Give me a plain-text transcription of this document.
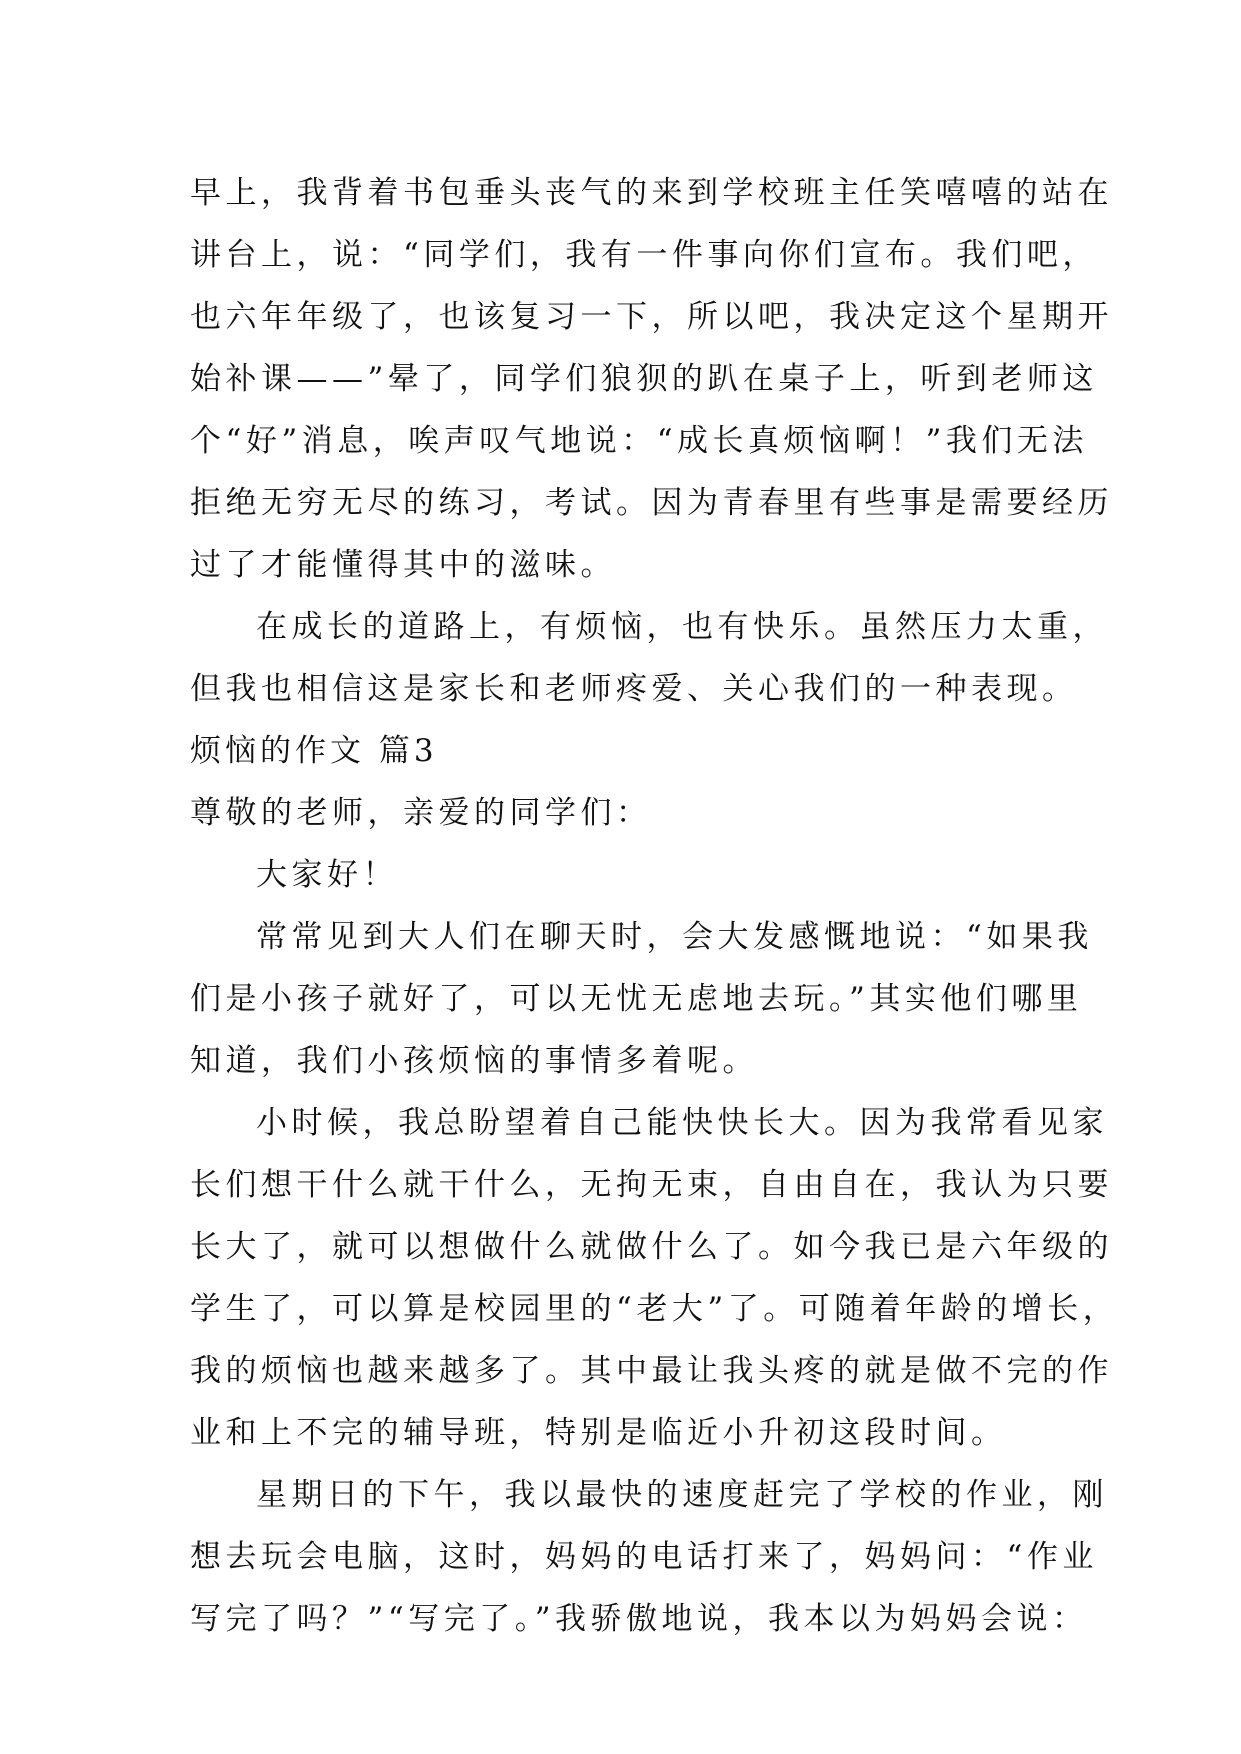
早上，我背着书包垂头丧气的来到学校班主任笑嘻嘻的站在
讲台上，说：“同学们，我有一件事向你们宣布。我们吧，
也六年年级了，也该复习一下，所以吧，我决定这个星期开
始补课——”晕了，同学们狼狈的趴在桌子上，听到老师这
个“好”消息，唉声叹气地说：“成长真烦恼啊！”我们无法
拒绝无穷无尽的练习，考试。因为青春里有些事是需要经历
过了才能懂得其中的滋味。

在成长的道路上，有烦恼，也有快乐。虽然压力太重，
但我也相信这是家长和老师疼爱、关心我们的一种表现。

烦恼的作文 篇3

尊敬的老师，亲爱的同学们：

大家好！

常常见到大人们在聊天时，会大发感慨地说：“如果我
们是小孩子就好了，可以无忧无虑地去玩。”其实他们哪里
知道，我们小孩烦恼的事情多着呢。

小时候，我总盼望着自己能快快长大。因为我常看见家
长们想干什么就干什么，无拘无束，自由自在，我认为只要
长大了，就可以想做什么就做什么了。如今我已是六年级的
学生了，可以算是校园里的“老大”了。可随着年龄的增长，
我的烦恼也越来越多了。其中最让我头疼的就是做不完的作
业和上不完的辅导班，特别是临近小升初这段时间。

星期日的下午，我以最快的速度赶完了学校的作业，刚
想去玩会电脑，这时，妈妈的电话打来了，妈妈问：“作业
写完了吗？”“写完了。”我骄傲地说，我本以为妈妈会说：
